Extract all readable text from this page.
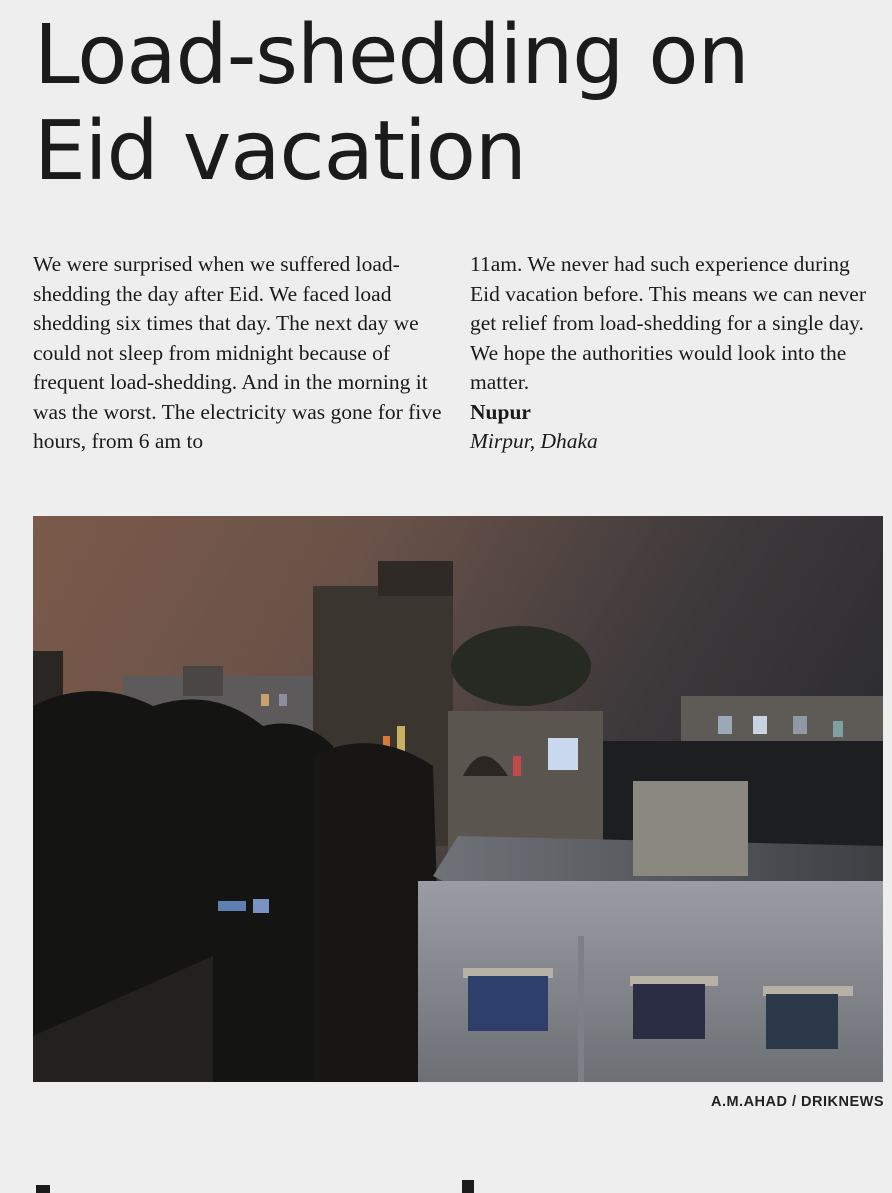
Load-shedding on Eid vacation

We were surprised when we suffered load-shedding the day after Eid. We faced load shedding six times that day. The next day we could not sleep from midnight because of frequent load-shedding. And in the morning it was the worst. The electricity was gone for five hours, from 6 am to

11am. We never had such experience during Eid vacation before. This means we can never get relief from load-shedding for a single day. We hope the authorities would look into the matter.

Nupur

Mirpur, Dhaka

A.M.AHAD / DRIKNEWS
